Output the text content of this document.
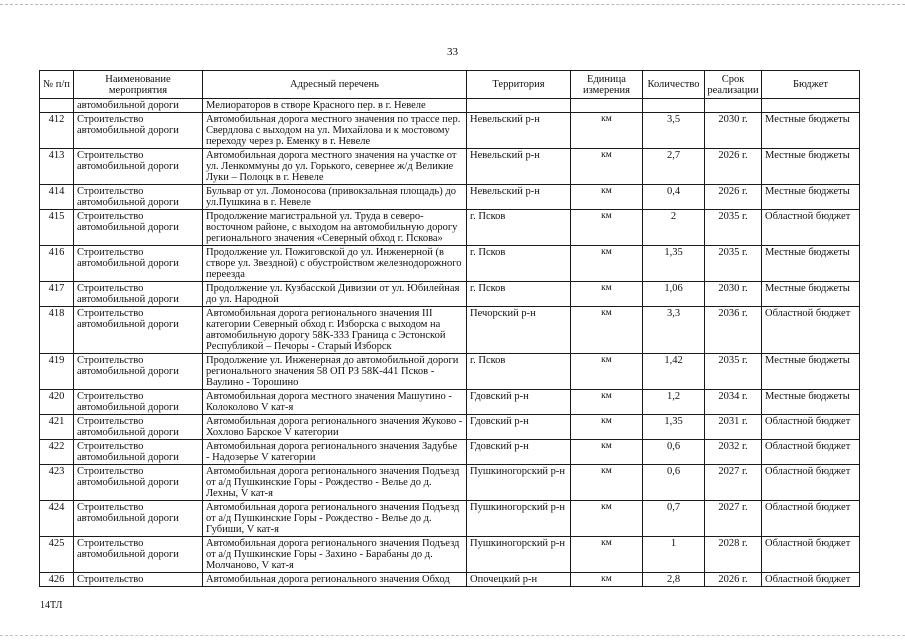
33
№ п/п	Наименование мероприятия	Адресный перечень	Территория	Единица измерения	Количество	Срок реализации	Бюджет
	автомобильной дороги	Мелиораторов в створе Красного пер. в г. Невеле					
412	Строительство автомобильной дороги	Автомобильная дорога местного значения по трассе пер. Свердлова с выходом на ул. Михайлова и к мостовому переходу через р. Еменку в г. Невеле	Невельский р-н	км	3,5	2030 г.	Местные бюджеты
413	Строительство автомобильной дороги	Автомобильная дорога местного значения на участке от ул. Ленкоммуны до ул. Горького, севернее ж/д Великие Луки – Полоцк в г. Невеле	Невельский р-н	км	2,7	2026 г.	Местные бюджеты
414	Строительство автомобильной дороги	Бульвар от ул. Ломоносова (привокзальная площадь) до ул.Пушкина в г. Невеле	Невельский р-н	км	0,4	2026 г.	Местные бюджеты
415	Строительство автомобильной дороги	Продолжение магистральной ул. Труда в северо-восточном районе, с выходом на автомобильную дорогу регионального значения «Северный обход г. Пскова»	г. Псков	км	2	2035 г.	Областной бюджет
416	Строительство автомобильной дороги	Продолжение ул. Пожиговской до ул. Инженерной (в створе ул. Звездной) с обустройством железнодорожного переезда	г. Псков	км	1,35	2035 г.	Местные бюджеты
417	Строительство автомобильной дороги	Продолжение ул. Кузбасской Дивизии от ул. Юбилейная до ул. Народной	г. Псков	км	1,06	2030 г.	Местные бюджеты
418	Строительство автомобильной дороги	Автомобильная дорога регионального значения III категории Северный обход г. Изборска с выходом на автомобильную дорогу 58К-333 Граница с Эстонской Республикой – Печоры - Старый Изборск	Печорский р-н	км	3,3	2036 г.	Областной бюджет
419	Строительство автомобильной дороги	Продолжение ул. Инженерная до автомобильной дороги регионального значения 58 ОП РЗ 58К-441 Псков - Ваулино - Торошино	г. Псков	км	1,42	2035 г.	Местные бюджеты
420	Строительство автомобильной дороги	Автомобильная дорога местного значения Машутино - Колоколово V кат-я	Гдовский р-н	км	1,2	2034 г.	Местные бюджеты
421	Строительство автомобильной дороги	Автомобильная дорога регионального значения Жуково - Хохлово Барское V категории	Гдовский р-н	км	1,35	2031 г.	Областной бюджет
422	Строительство автомобильной дороги	Автомобильная дорога регионального значения Задубье - Надозерье V категории	Гдовский р-н	км	0,6	2032 г.	Областной бюджет
423	Строительство автомобильной дороги	Автомобильная дорога регионального значения Подъезд от а/д Пушкинские Горы - Рождество - Велье до д. Лехны, V кат-я	Пушкиногорский р-н	км	0,6	2027 г.	Областной бюджет
424	Строительство автомобильной дороги	Автомобильная дорога регионального значения Подъезд от а/д Пушкинские Горы - Рождество - Велье до д. Губиши, V кат-я	Пушкиногорский р-н	км	0,7	2027 г.	Областной бюджет
425	Строительство автомобильной дороги	Автомобильная дорога регионального значения Подъезд от а/д Пушкинские Горы - Захино - Барабаны до д. Молчаново, V кат-я	Пушкиногорский р-н	км	1	2028 г.	Областной бюджет
426	Строительство	Автомобильная дорога регионального значения Обход	Опочецкий р-н	км	2,8	2026 г.	Областной бюджет
14ТЛ
